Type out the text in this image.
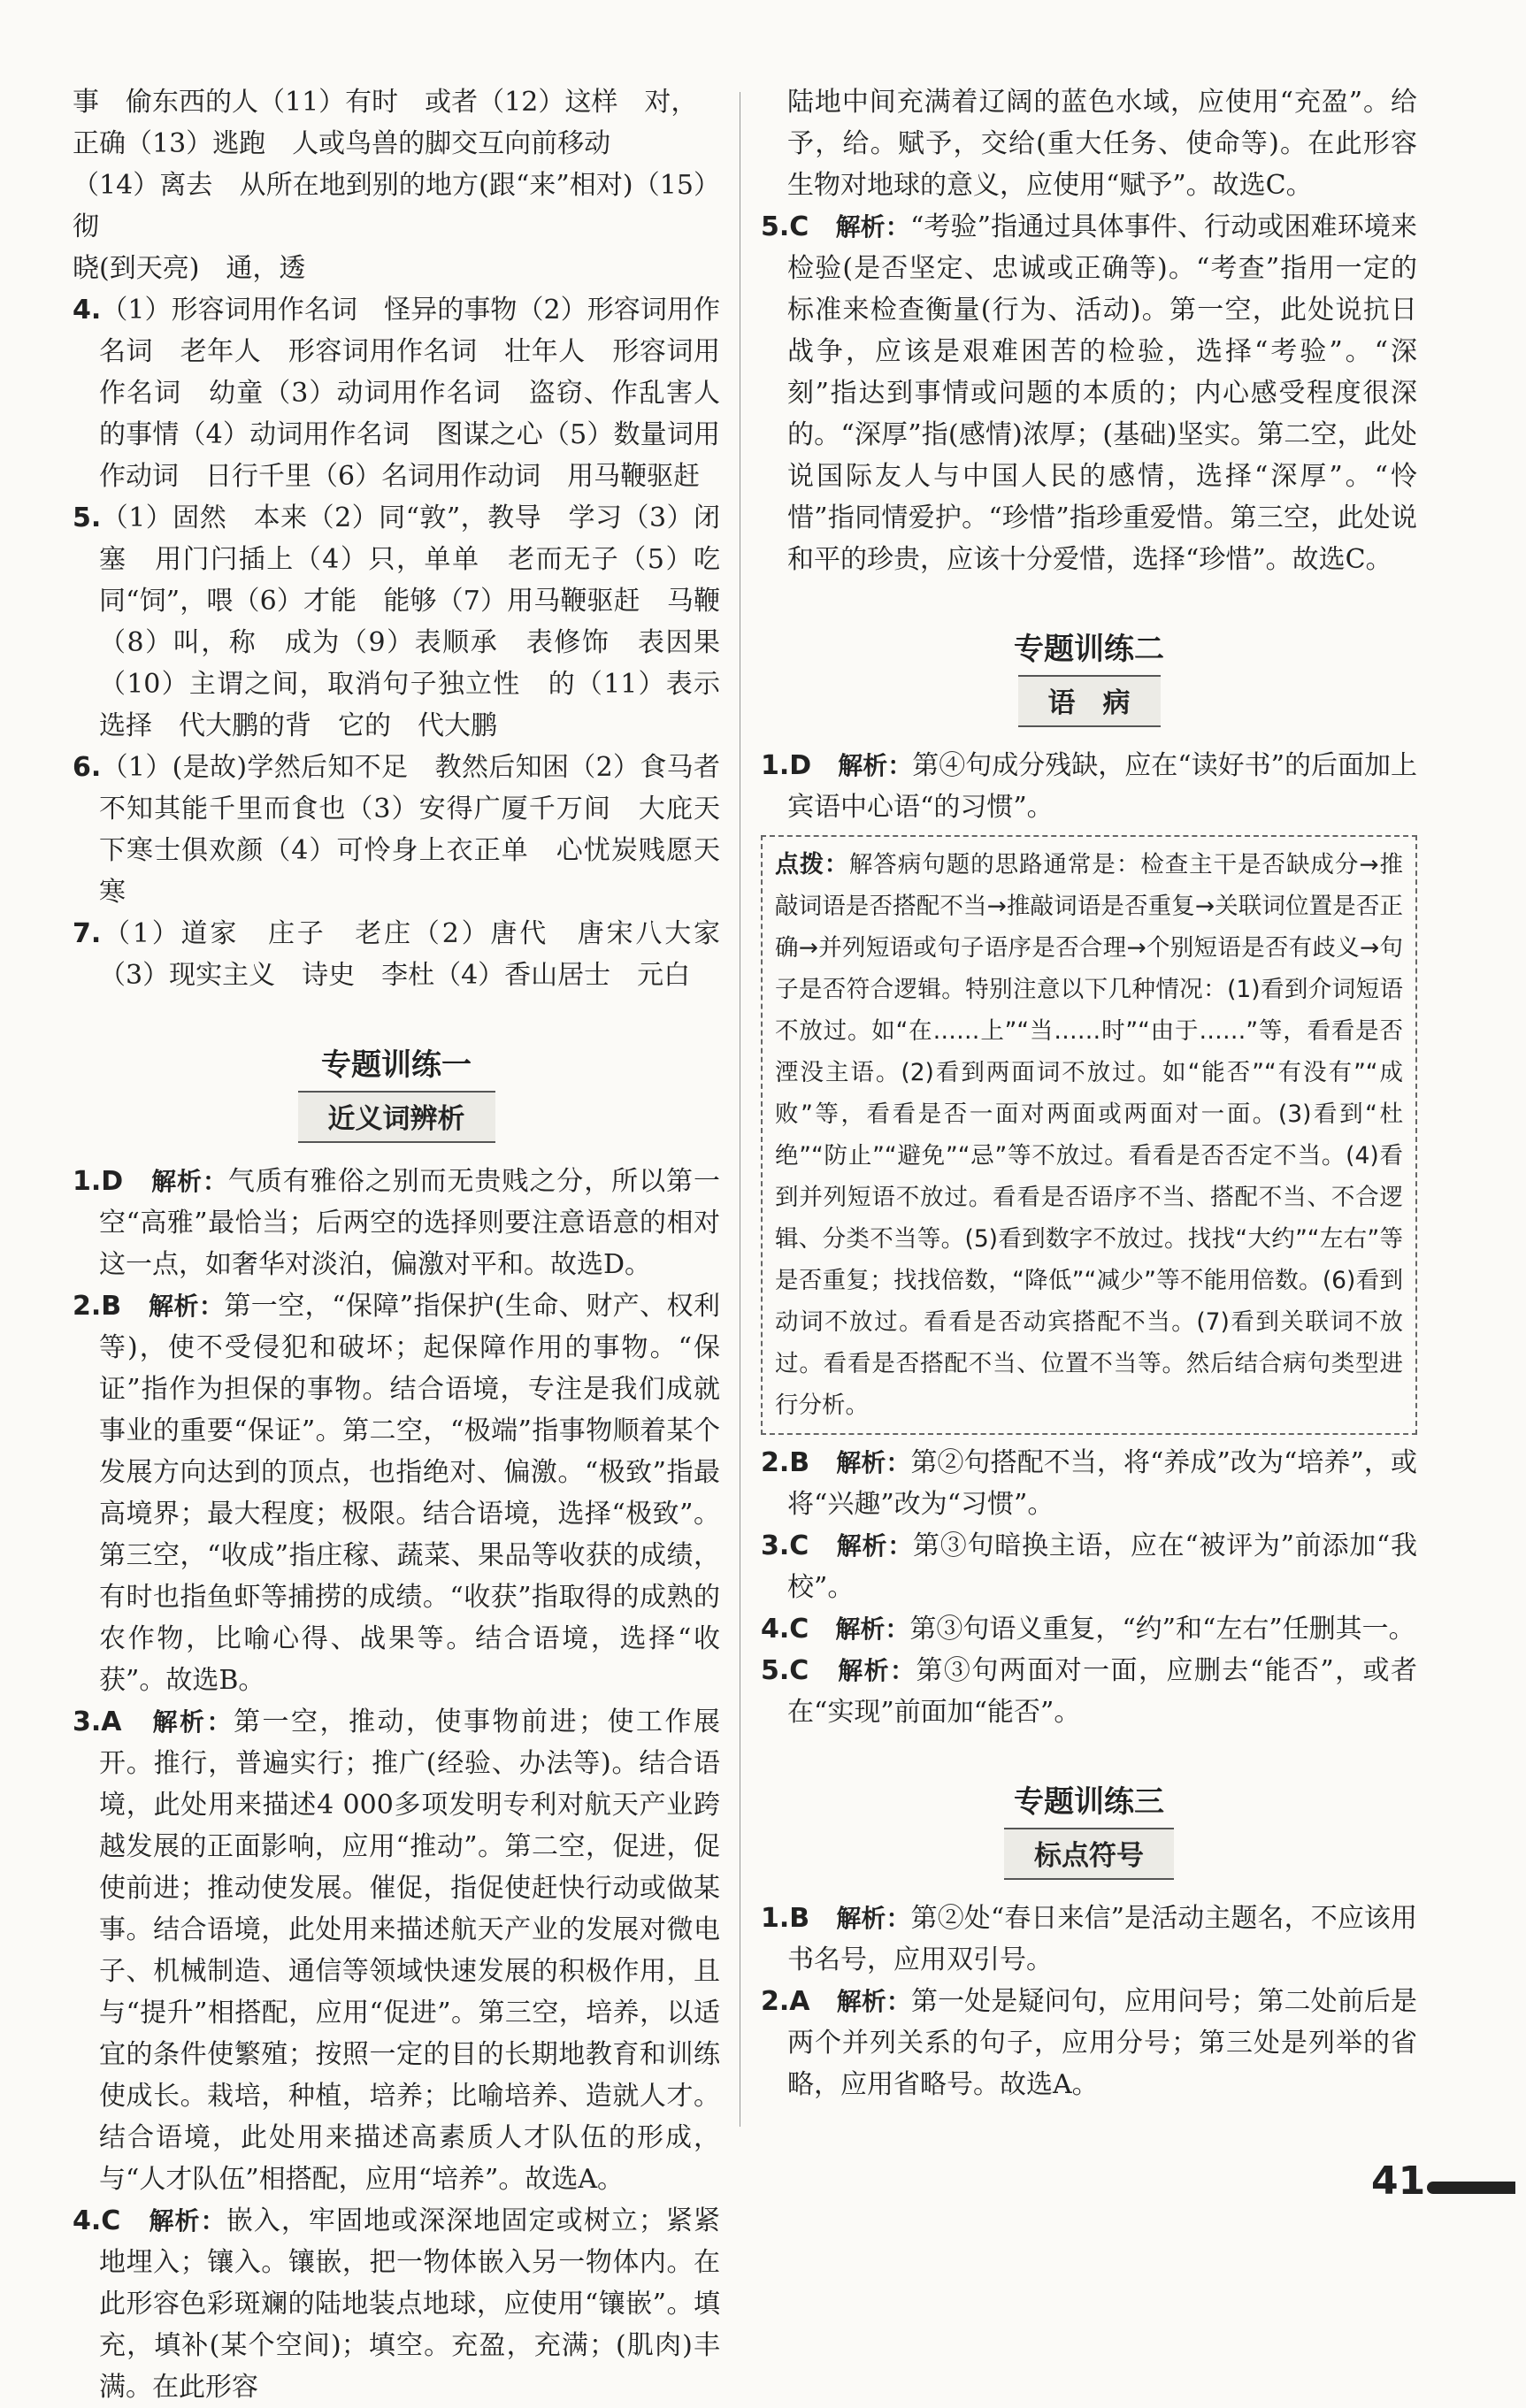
事　偷东西的人（11）有时　或者（12）这样　对，

正确（13）逃跑　人或鸟兽的脚交互向前移动

（14）离去　从所在地到别的地方(跟“来”相对)（15）彻

晓(到天亮)　通，透

4.（1）形容词用作名词　怪异的事物（2）形容词用作名词　老年人　形容词用作名词　壮年人　形容词用作名词　幼童（3）动词用作名词　盗窃、作乱害人的事情（4）动词用作名词　图谋之心（5）数量词用作动词　日行千里（6）名词用作动词　用马鞭驱赶

5.（1）固然　本来（2）同“敦”，教导　学习（3）闭塞　用门闩插上（4）只，单单　老而无子（5）吃　同“饲”，喂（6）才能　能够（7）用马鞭驱赶　马鞭（8）叫，称　成为（9）表顺承　表修饰　表因果（10）主谓之间，取消句子独立性　的（11）表示选择　代大鹏的背　它的　代大鹏

6.（1）(是故)学然后知不足　教然后知困（2）食马者不知其能千里而食也（3）安得广厦千万间　大庇天下寒士俱欢颜（4）可怜身上衣正单　心忧炭贱愿天寒

7.（1）道家　庄子　老庄（2）唐代　唐宋八大家（3）现实主义　诗史　李杜（4）香山居士　元白

专题训练一
近义词辨析

1.D　 解析：气质有雅俗之别而无贵贱之分，所以第一空“高雅”最恰当；后两空的选择则要注意语意的相对这一点，如奢华对淡泊，偏激对平和。故选D。

2.B　 解析：第一空，“保障”指保护(生命、财产、权利等)，使不受侵犯和破坏；起保障作用的事物。“保证”指作为担保的事物。结合语境，专注是我们成就事业的重要“保证”。第二空，“极端”指事物顺着某个发展方向达到的顶点，也指绝对、偏激。“极致”指最高境界；最大程度；极限。结合语境，选择“极致”。第三空，“收成”指庄稼、蔬菜、果品等收获的成绩，有时也指鱼虾等捕捞的成绩。“收获”指取得的成熟的农作物，比喻心得、战果等。结合语境，选择“收获”。故选B。

3.A　 解析：第一空，推动，使事物前进；使工作展开。推行，普遍实行；推广(经验、办法等)。结合语境，此处用来描述4 000多项发明专利对航天产业跨越发展的正面影响，应用“推动”。第二空，促进，促使前进；推动使发展。催促，指促使赶快行动或做某事。结合语境，此处用来描述航天产业的发展对微电子、机械制造、通信等领域快速发展的积极作用，且与“提升”相搭配，应用“促进”。第三空，培养，以适宜的条件使繁殖；按照一定的目的长期地教育和训练使成长。栽培，种植，培养；比喻培养、造就人才。结合语境，此处用来描述高素质人才队伍的形成，与“人才队伍”相搭配，应用“培养”。故选A。

4.C　 解析：嵌入，牢固地或深深地固定或树立；紧紧地埋入；镶入。镶嵌，把一物体嵌入另一物体内。在此形容色彩斑斓的陆地装点地球，应使用“镶嵌”。填充，填补(某个空间)；填空。充盈，充满；(肌肉)丰满。在此形容

陆地中间充满着辽阔的蓝色水域，应使用“充盈”。给予，给。赋予，交给(重大任务、使命等)。在此形容生物对地球的意义，应使用“赋予”。故选C。

5.C　 解析：“考验”指通过具体事件、行动或困难环境来检验(是否坚定、忠诚或正确等)。“考查”指用一定的标准来检查衡量(行为、活动)。第一空，此处说抗日战争，应该是艰难困苦的检验，选择“考验”。“深刻”指达到事情或问题的本质的；内心感受程度很深的。“深厚”指(感情)浓厚；(基础)坚实。第二空，此处说国际友人与中国人民的感情，选择“深厚”。“怜惜”指同情爱护。“珍惜”指珍重爱惜。第三空，此处说和平的珍贵，应该十分爱惜，选择“珍惜”。故选C。

专题训练二
语　病

1.D　 解析：第④句成分残缺，应在“读好书”的后面加上宾语中心语“的习惯”。

点拨：解答病句题的思路通常是：检查主干是否缺成分→推敲词语是否搭配不当→推敲词语是否重复→关联词位置是否正确→并列短语或句子语序是否合理→个别短语是否有歧义→句子是否符合逻辑。特别注意以下几种情况：(1)看到介词短语不放过。如“在……上”“当……时”“由于……”等，看看是否湮没主语。(2)看到两面词不放过。如“能否”“有没有”“成败”等，看看是否一面对两面或两面对一面。(3)看到“杜绝”“防止”“避免”“忌”等不放过。看看是否否定不当。(4)看到并列短语不放过。看看是否语序不当、搭配不当、不合逻辑、分类不当等。(5)看到数字不放过。找找“大约”“左右”等是否重复；找找倍数，“降低”“减少”等不能用倍数。(6)看到动词不放过。看看是否动宾搭配不当。(7)看到关联词不放过。看看是否搭配不当、位置不当等。然后结合病句类型进行分析。

2.B　 解析：第②句搭配不当，将“养成”改为“培养”，或将“兴趣”改为“习惯”。

3.C　 解析：第③句暗换主语，应在“被评为”前添加“我校”。

4.C　 解析：第③句语义重复，“约”和“左右”任删其一。

5.C　 解析：第③句两面对一面，应删去“能否”，或者在“实现”前面加“能否”。

专题训练三
标点符号

1.B　 解析：第②处“春日来信”是活动主题名，不应该用书名号，应用双引号。

2.A　 解析：第一处是疑问句，应用问号；第二处前后是两个并列关系的句子，应用分号；第三处是列举的省略，应用省略号。故选A。

41
